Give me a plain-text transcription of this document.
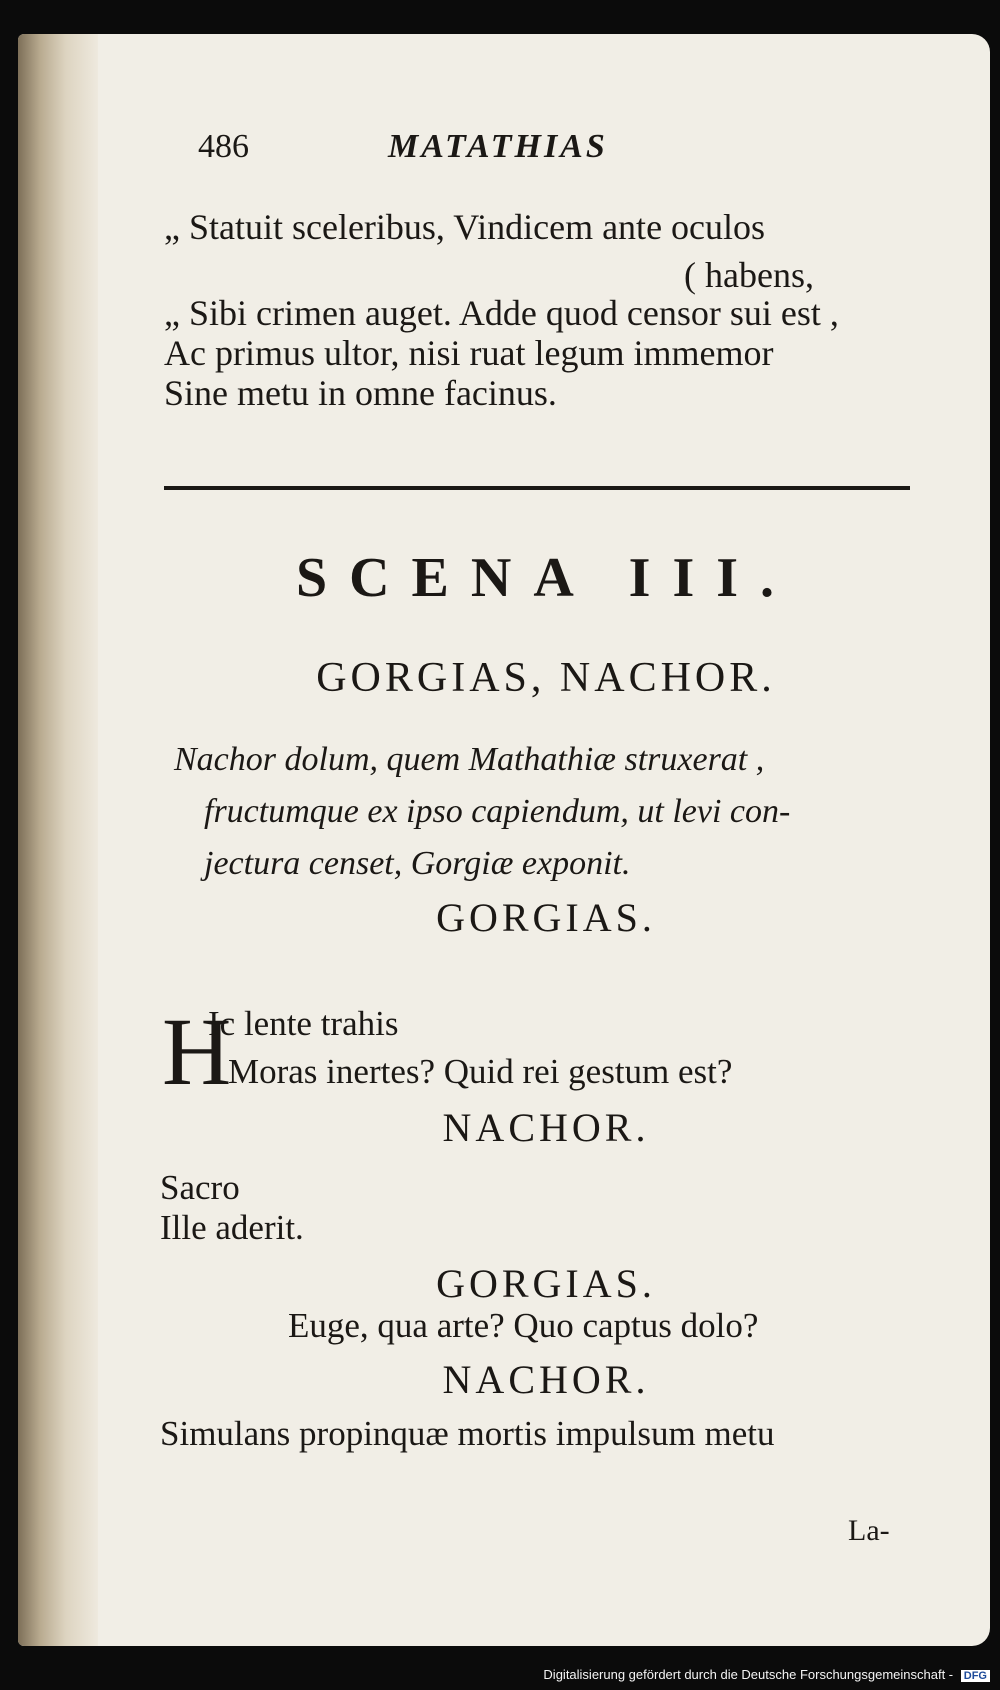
486	MATATHIAS
„ Statuit sceleribus, Vindicem ante oculos
( habens,
„ Sibi crimen auget. Adde quod censor sui est ,
Ac primus ultor, nisi ruat legum immemor
Sine metu in omne facinus.
SCENA III.
GORGIAS, NACHOR.
Nachor dolum, quem Mathathiæ struxerat ,
fructumque ex ipso capiendum, ut levi con-
jectura censet, Gorgiæ exponit.
GORGIAS.
H
Ic lente trahis
Moras inertes? Quid rei gestum est?
NACHOR.
Sacro
Ille aderit.
GORGIAS.
Euge, qua arte? Quo captus dolo?
NACHOR.
Simulans propinquæ mortis impulsum metu
La-
Digitalisierung gefördert durch die Deutsche Forschungsgemeinschaft - DFG
